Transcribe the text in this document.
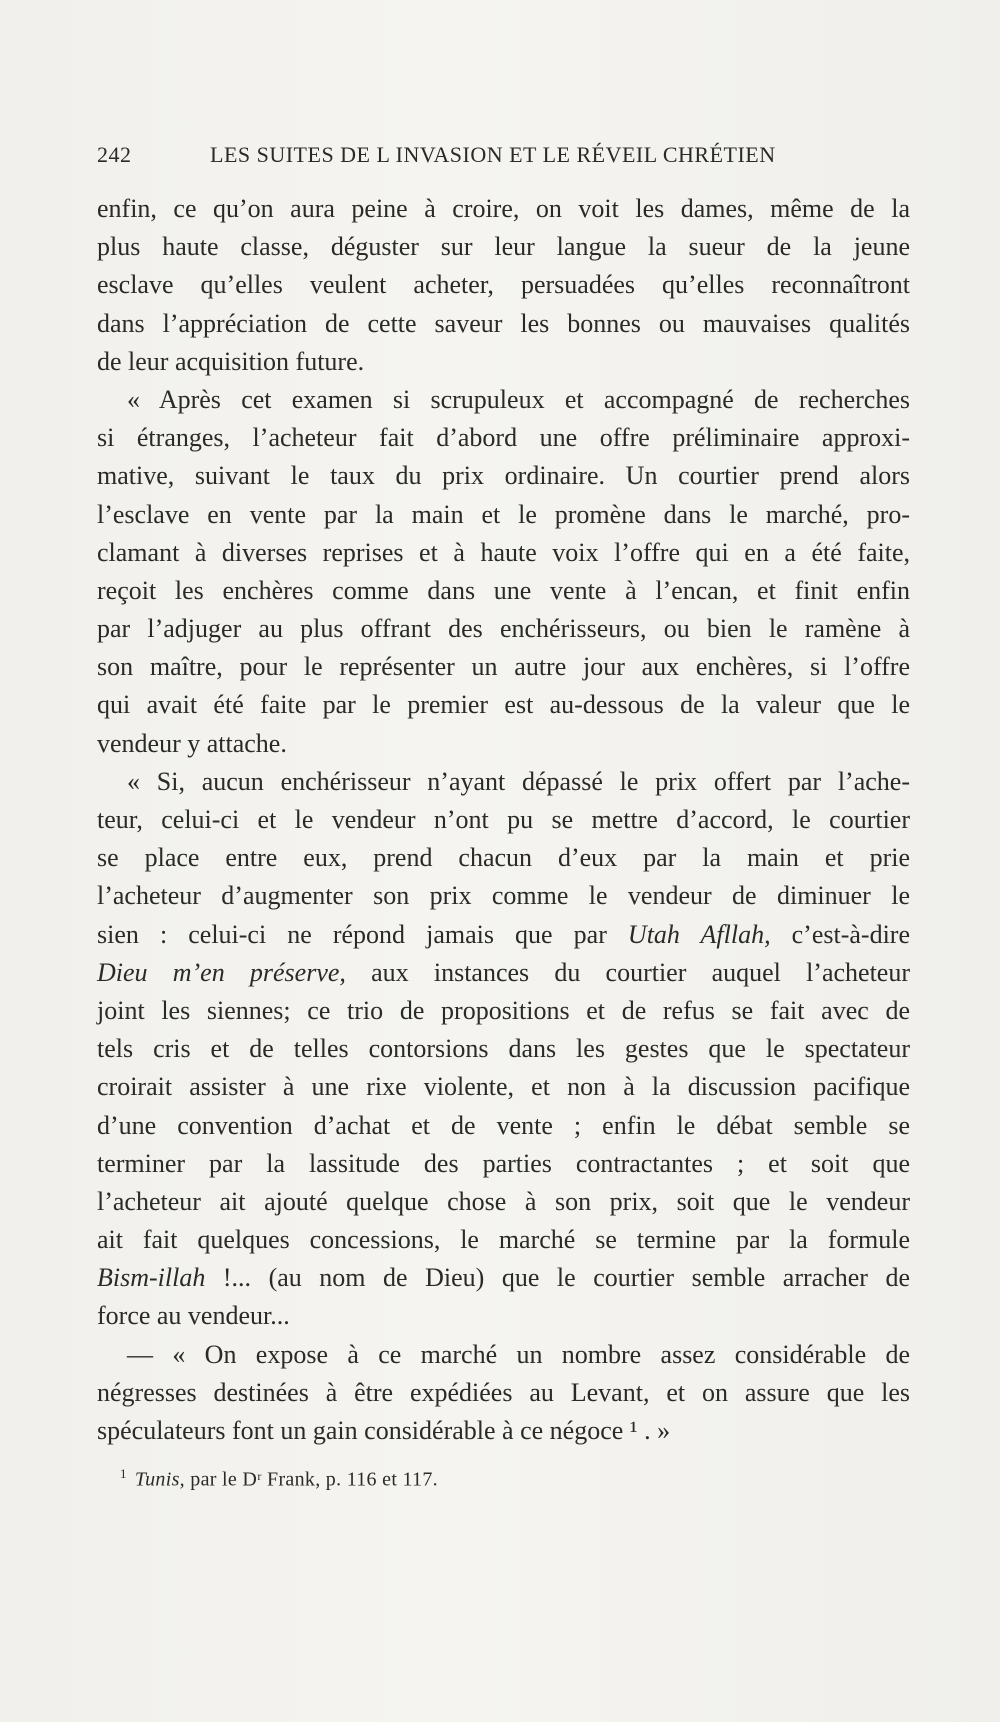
242	LES SUITES DE L INVASION ET LE RÉVEIL CHRÉTIEN
enfin, ce qu’on aura peine à croire, on voit les dames, même de la
plus haute classe, déguster sur leur langue la sueur de la jeune
esclave qu’elles veulent acheter, persuadées qu’elles reconnaîtront
dans l’appréciation de cette saveur les bonnes ou mauvaises qualités
de leur acquisition future.
« Après cet examen si scrupuleux et accompagné de recherches
si étranges, l’acheteur fait d’abord une offre préliminaire approxi-
mative, suivant le taux du prix ordinaire. Un courtier prend alors
l’esclave en vente par la main et le promène dans le marché, pro-
clamant à diverses reprises et à haute voix l’offre qui en a été faite,
reçoit les enchères comme dans une vente à l’encan, et finit enfin
par l’adjuger au plus offrant des enchérisseurs, ou bien le ramène à
son maître, pour le représenter un autre jour aux enchères, si l’offre
qui avait été faite par le premier est au-dessous de la valeur que le
vendeur y attache.
« Si, aucun enchérisseur n’ayant dépassé le prix offert par l’ache-
teur, celui-ci et le vendeur n’ont pu se mettre d’accord, le courtier
se place entre eux, prend chacun d’eux par la main et prie
l’acheteur d’augmenter son prix comme le vendeur de diminuer le
sien : celui-ci ne répond jamais que par Utah Afllah, c’est-à-dire
Dieu m’en préserve, aux instances du courtier auquel l’acheteur
joint les siennes; ce trio de propositions et de refus se fait avec de
tels cris et de telles contorsions dans les gestes que le spectateur
croirait assister à une rixe violente, et non à la discussion pacifique
d’une convention d’achat et de vente ; enfin le débat semble se
terminer par la lassitude des parties contractantes ; et soit que
l’acheteur ait ajouté quelque chose à son prix, soit que le vendeur
ait fait quelques concessions, le marché se termine par la formule
Bism-illah !... (au nom de Dieu) que le courtier semble arracher de
force au vendeur...
— « On expose à ce marché un nombre assez considérable de
négresses destinées à être expédiées au Levant, et on assure que les
spéculateurs font un gain considérable à ce négoce ¹ . »
$^1$ Tunis, par le Dʳ Frank, p. 116 et 117.
